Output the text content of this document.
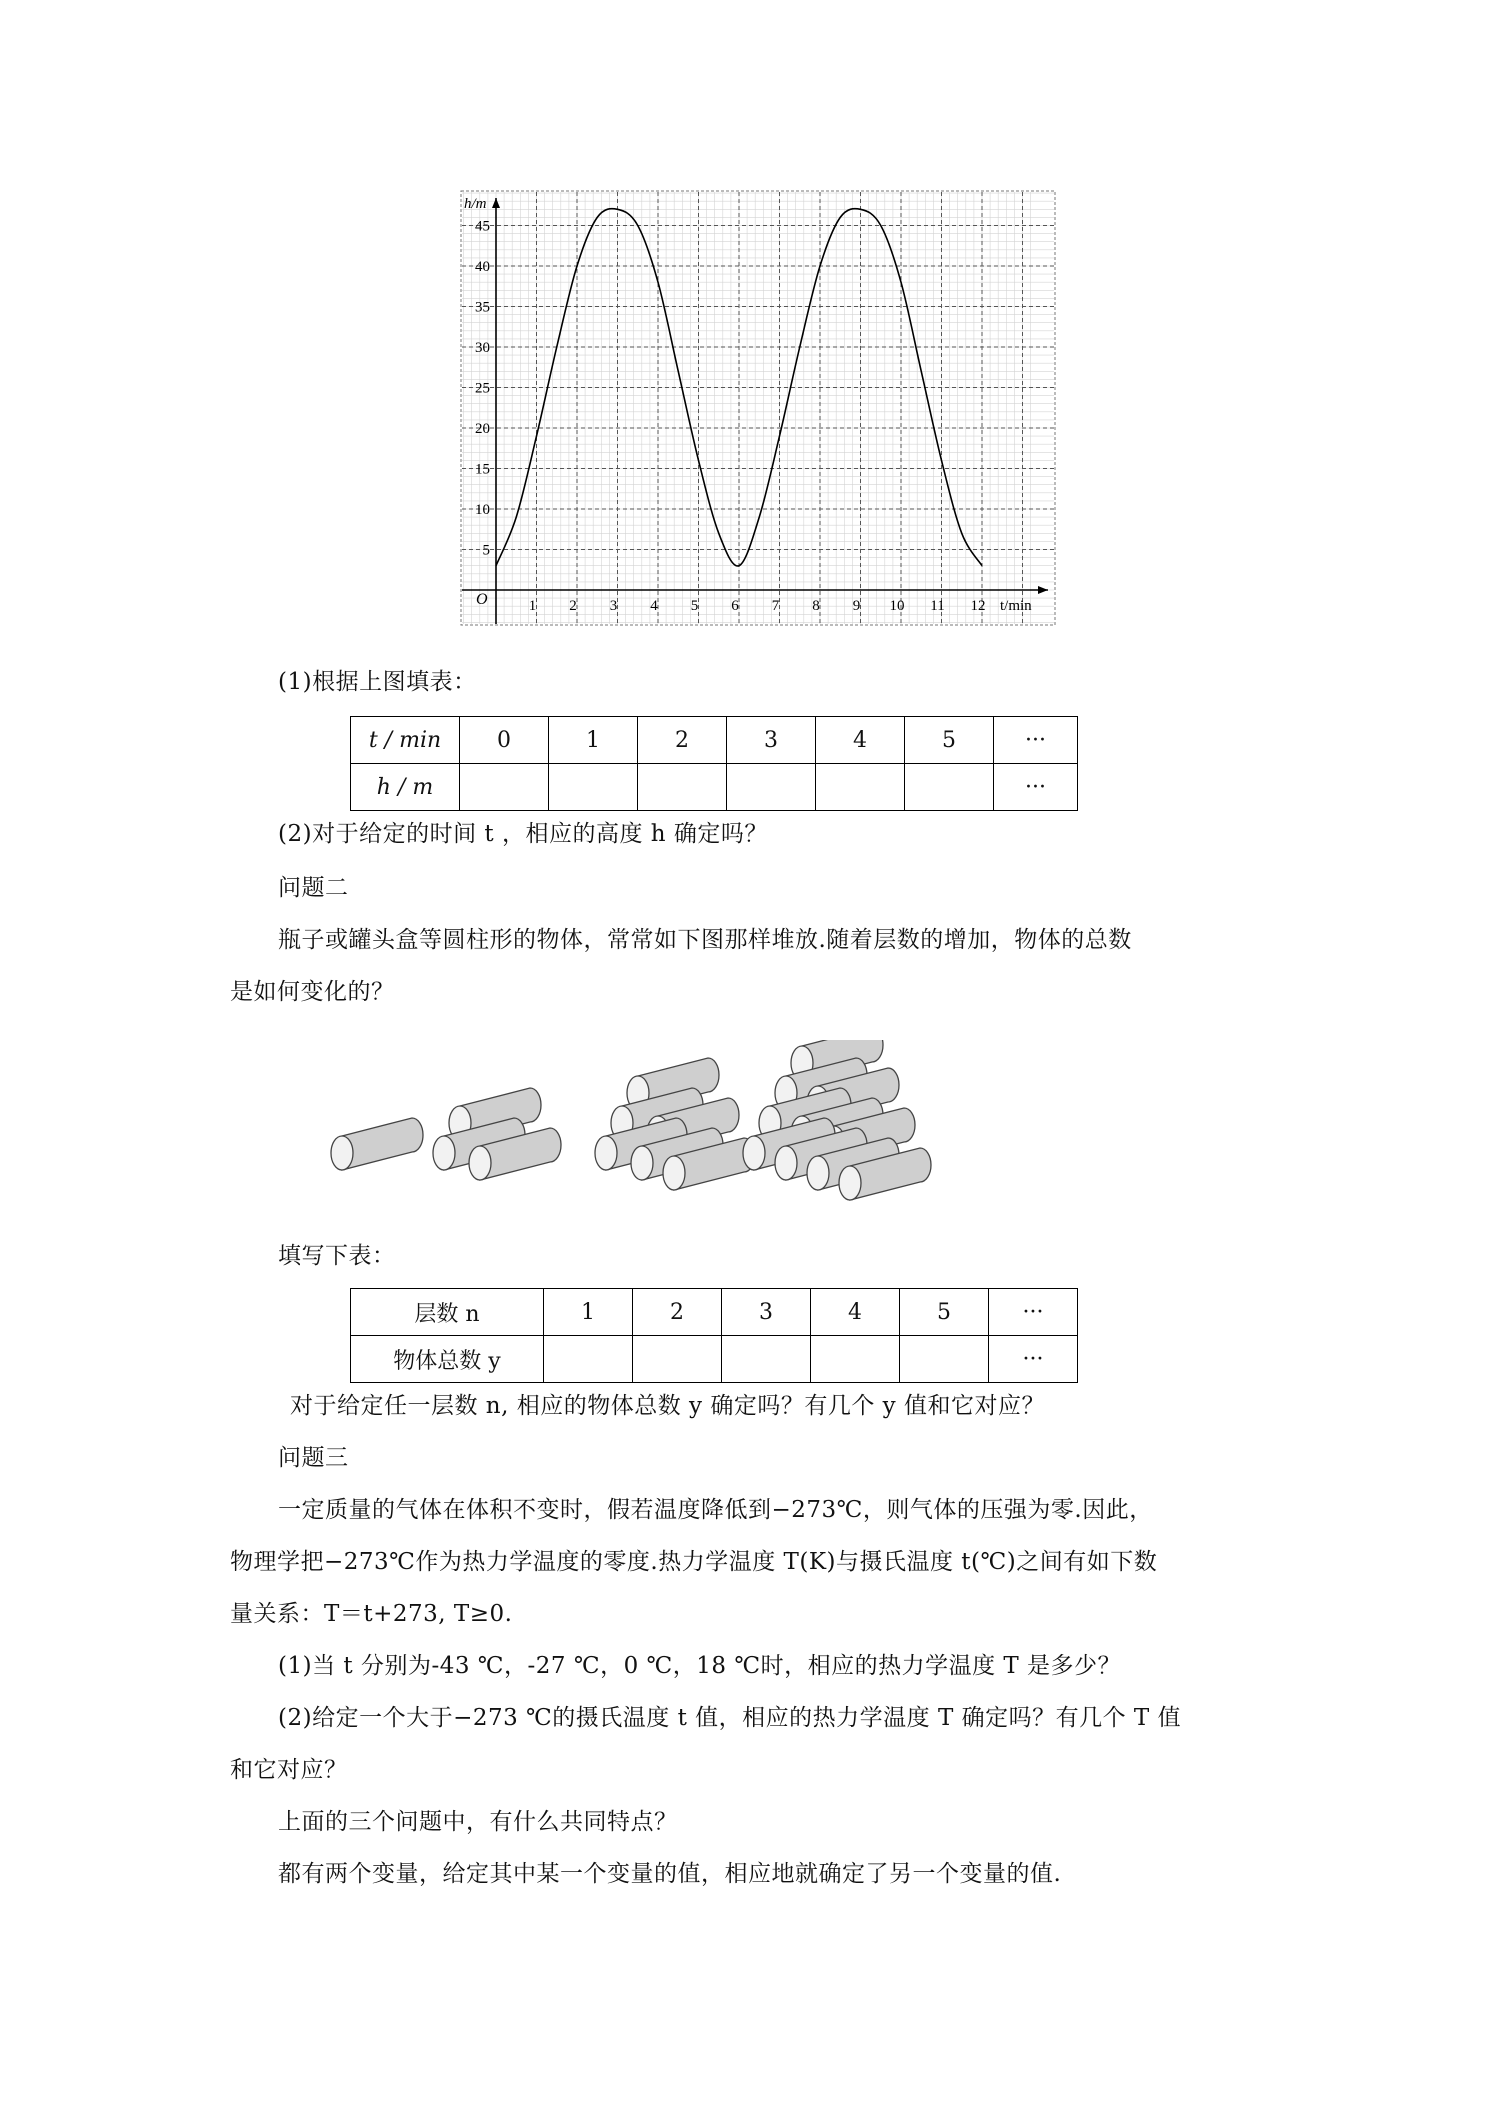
h/m
t/min
O	1 2 3 4 5 6 7 8 9 10 11 12
5
10
15
20
25
30
35
40
45
(1)根据上图填表：
t / min	0	1	2	3	4	5	···
h / m							···
(2)对于给定的时间 t ，相应的高度 h 确定吗？
问题二
瓶子或罐头盒等圆柱形的物体，常常如下图那样堆放.随着层数的增加，物体的总数
是如何变化的？
填写下表：
层数 n	1	2	3	4	5	···
物体总数 y						···
对于给定任一层数 n, 相应的物体总数 y 确定吗？有几个 y 值和它对应？
问题三
一定质量的气体在体积不变时，假若温度降低到−273℃，则气体的压强为零.因此，
物理学把−273℃作为热力学温度的零度.热力学温度 T(K)与摄氏温度 t(℃)之间有如下数
量关系：T＝t+273, T≥0.
(1)当 t 分别为-43 ℃，-27 ℃，0 ℃，18 ℃时，相应的热力学温度 T 是多少？
(2)给定一个大于−273 ℃的摄氏温度 t 值，相应的热力学温度 T 确定吗？有几个 T 值
和它对应？
上面的三个问题中，有什么共同特点？
都有两个变量，给定其中某一个变量的值，相应地就确定了另一个变量的值.
